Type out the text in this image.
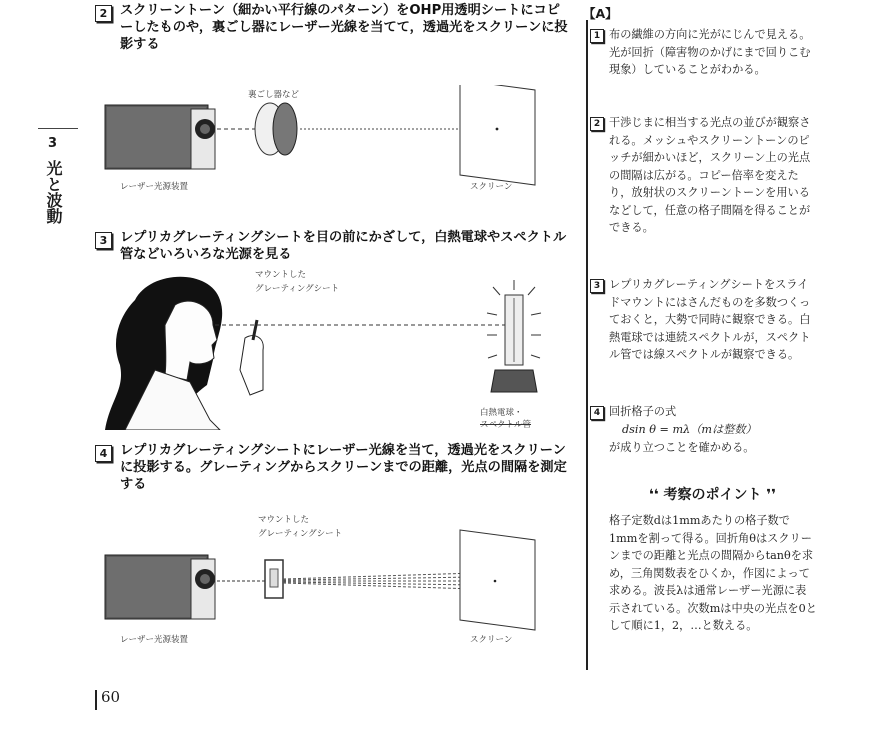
3
光と波動
2 スクリーントーン（細かい平行線のパターン）をOHP用透明シートにコピーしたものや，裏ごし器にレーザー光線を当てて，透過光をスクリーンに投影する
裏ごし器など
レーザー光源装置	スクリーン
3 レプリカグレーティングシートを目の前にかざして，白熱電球やスペクトル管などいろいろな光源を見る
マウントした
グレーティングシート
白熱電球・
スペクトル管
4 レプリカグレーティングシートにレーザー光線を当て，透過光をスクリーンに投影する。グレーティングからスクリーンまでの距離，光点の間隔を測定する
マウントした
グレーティングシート
レーザー光源装置	スクリーン
60
【A】
1 布の繊維の方向に光がにじんで見える。光が回折（障害物のかげにまで回りこむ現象）していることがわかる。
2 干渉じまに相当する光点の並びが観察される。メッシュやスクリーントーンのピッチが細かいほど，スクリーン上の光点の間隔は広がる。コピー倍率を変えたり，放射状のスクリーントーンを用いるなどして，任意の格子間隔を得ることができる。
3 レプリカグレーティングシートをスライドマウントにはさんだものを多数つくっておくと，大勢で同時に観察できる。白熱電球では連続スペクトルが，スペクトル管では線スペクトルが観察できる。
4 回折格子の式
dsin θ = mλ（mは整数）
が成り立つことを確かめる。
❛❛ 考察のポイント ❜❜
格子定数dは1mmあたりの格子数で1mmを割って得る。回折角θはスクリーンまでの距離と光点の間隔からtanθを求め，三角関数表をひくか，作図によって求める。波長λは通常レーザー光源に表示されている。次数mは中央の光点を0として順に1，2，…と数える。
